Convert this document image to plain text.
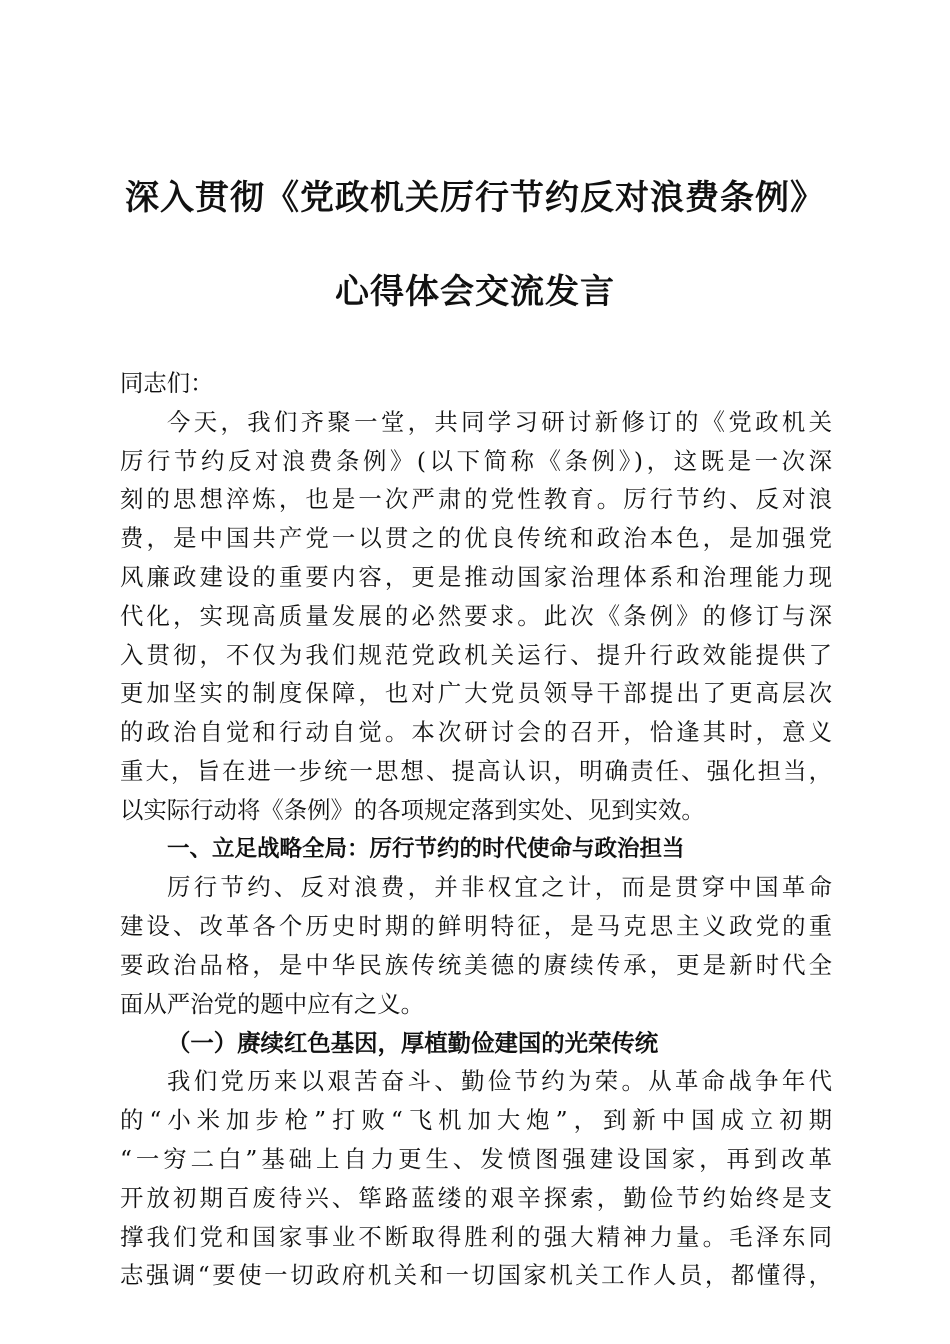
深入贯彻《党政机关厉行节约反对浪费条例》
心得体会交流发言
同志们：
今天，我们齐聚一堂，共同学习研讨新修订的《党政机关
厉行节约反对浪费条例》(以下简称《条例》)，这既是一次深
刻的思想淬炼，也是一次严肃的党性教育。厉行节约、反对浪
费，是中国共产党一以贯之的优良传统和政治本色，是加强党
风廉政建设的重要内容，更是推动国家治理体系和治理能力现
代化，实现高质量发展的必然要求。此次《条例》的修订与深
入贯彻，不仅为我们规范党政机关运行、提升行政效能提供了
更加坚实的制度保障，也对广大党员领导干部提出了更高层次
的政治自觉和行动自觉。本次研讨会的召开，恰逢其时，意义
重大，旨在进一步统一思想、提高认识，明确责任、强化担当，
以实际行动将《条例》的各项规定落到实处、见到实效。
一、立足战略全局：厉行节约的时代使命与政治担当
厉行节约、反对浪费，并非权宜之计，而是贯穿中国革命
建设、改革各个历史时期的鲜明特征，是马克思主义政党的重
要政治品格，是中华民族传统美德的赓续传承，更是新时代全
面从严治党的题中应有之义。
（一）赓续红色基因，厚植勤俭建国的光荣传统
我们党历来以艰苦奋斗、勤俭节约为荣。从革命战争年代
的“小米加步枪”打败“飞机加大炮”，到新中国成立初期
“一穷二白”基础上自力更生、发愤图强建设国家，再到改革
开放初期百废待兴、筚路蓝缕的艰辛探索，勤俭节约始终是支
撑我们党和国家事业不断取得胜利的强大精神力量。毛泽东同
志强调“要使一切政府机关和一切国家机关工作人员，都懂得，
